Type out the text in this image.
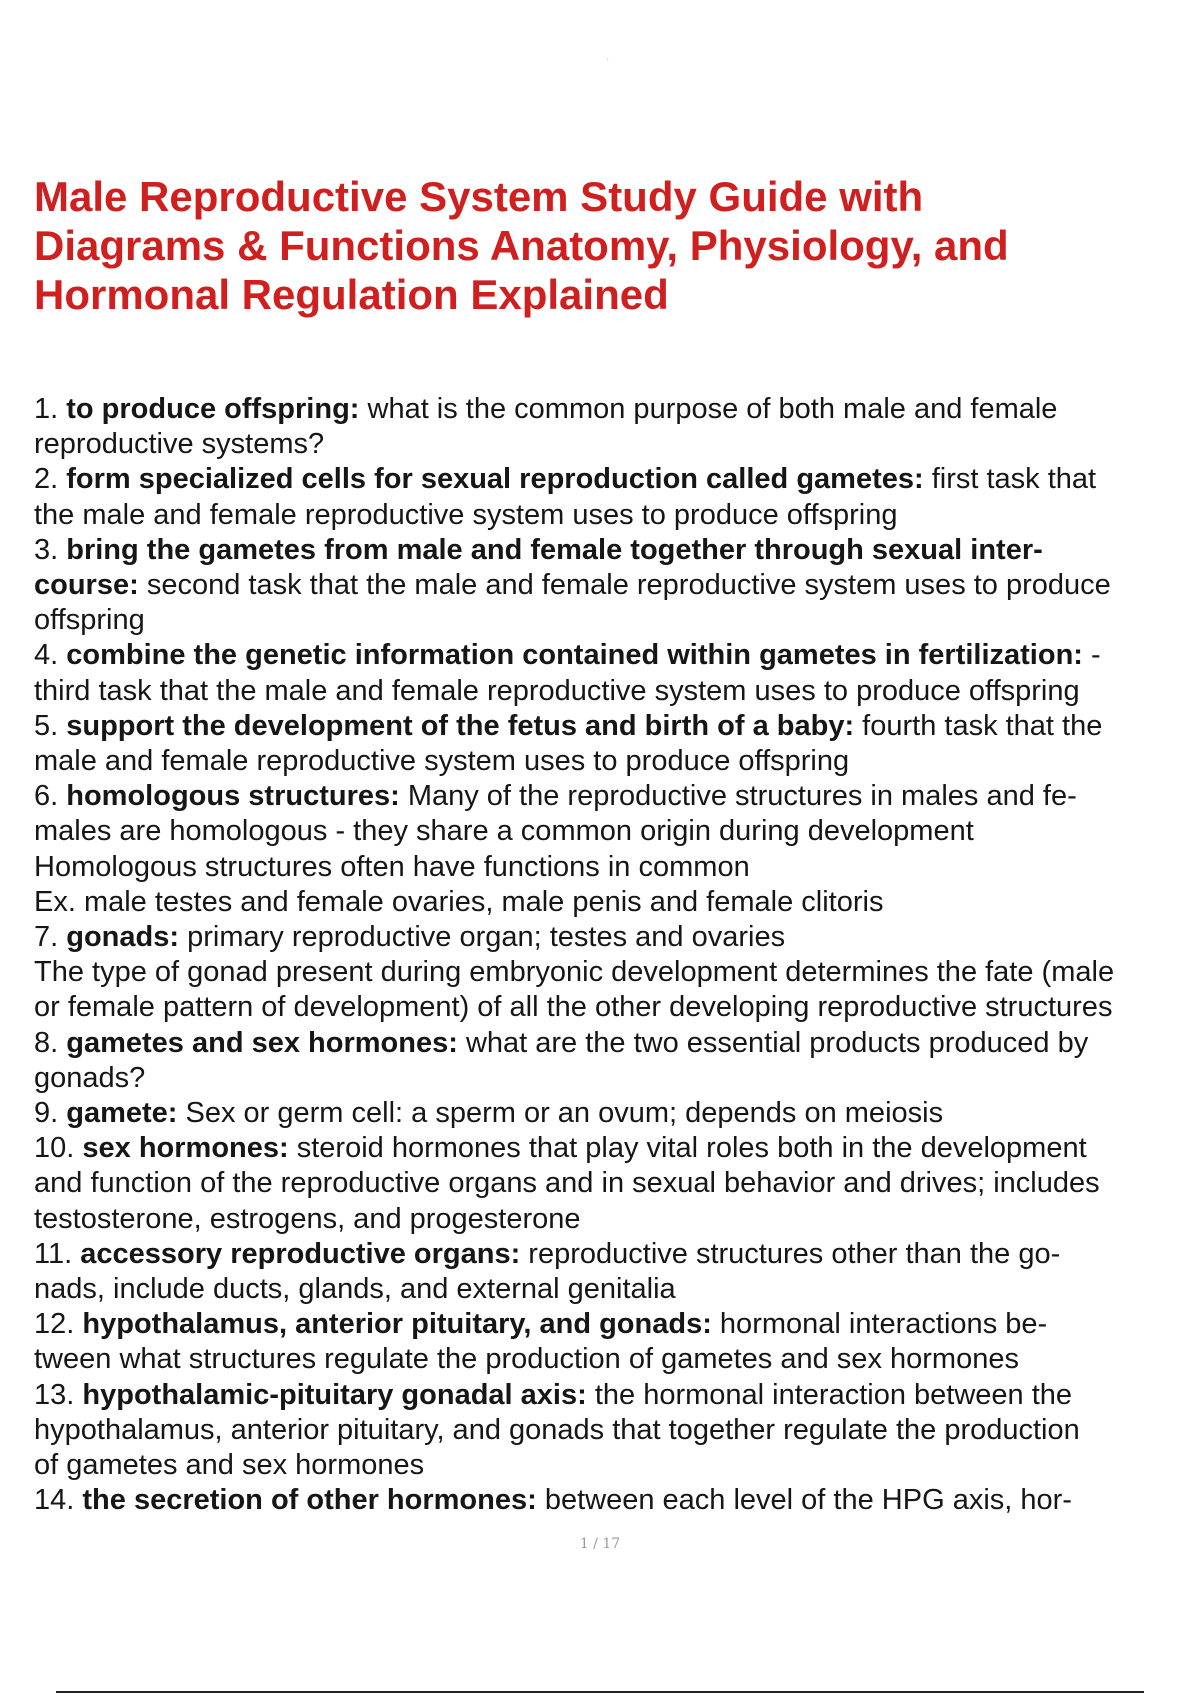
·
Male Reproductive System Study Guide with
Diagrams & Functions Anatomy, Physiology, and
Hormonal Regulation Explained
1. to produce offspring: what is the common purpose of both male and female
reproductive systems?
2. form specialized cells for sexual reproduction called gametes: first task that
the male and female reproductive system uses to produce offspring
3. bring the gametes from male and female together through sexual inter-
course: second task that the male and female reproductive system uses to produce
offspring
4. combine the genetic information contained within gametes in fertilization: -
third task that the male and female reproductive system uses to produce offspring
5. support the development of the fetus and birth of a baby: fourth task that the
male and female reproductive system uses to produce offspring
6. homologous structures: Many of the reproductive structures in males and fe-
males are homologous - they share a common origin during development
Homologous structures often have functions in common
Ex. male testes and female ovaries, male penis and female clitoris
7. gonads: primary reproductive organ; testes and ovaries
The type of gonad present during embryonic development determines the fate (male
or female pattern of development) of all the other developing reproductive structures
8. gametes and sex hormones: what are the two essential products produced by
gonads?
9. gamete: Sex or germ cell: a sperm or an ovum; depends on meiosis
10. sex hormones: steroid hormones that play vital roles both in the development
and function of the reproductive organs and in sexual behavior and drives; includes
testosterone, estrogens, and progesterone
11. accessory reproductive organs: reproductive structures other than the go-
nads, include ducts, glands, and external genitalia
12. hypothalamus, anterior pituitary, and gonads: hormonal interactions be-
tween what structures regulate the production of gametes and sex hormones
13. hypothalamic-pituitary gonadal axis: the hormonal interaction between the
hypothalamus, anterior pituitary, and gonads that together regulate the production
of gametes and sex hormones
14. the secretion of other hormones: between each level of the HPG axis, hor-
1 / 17
